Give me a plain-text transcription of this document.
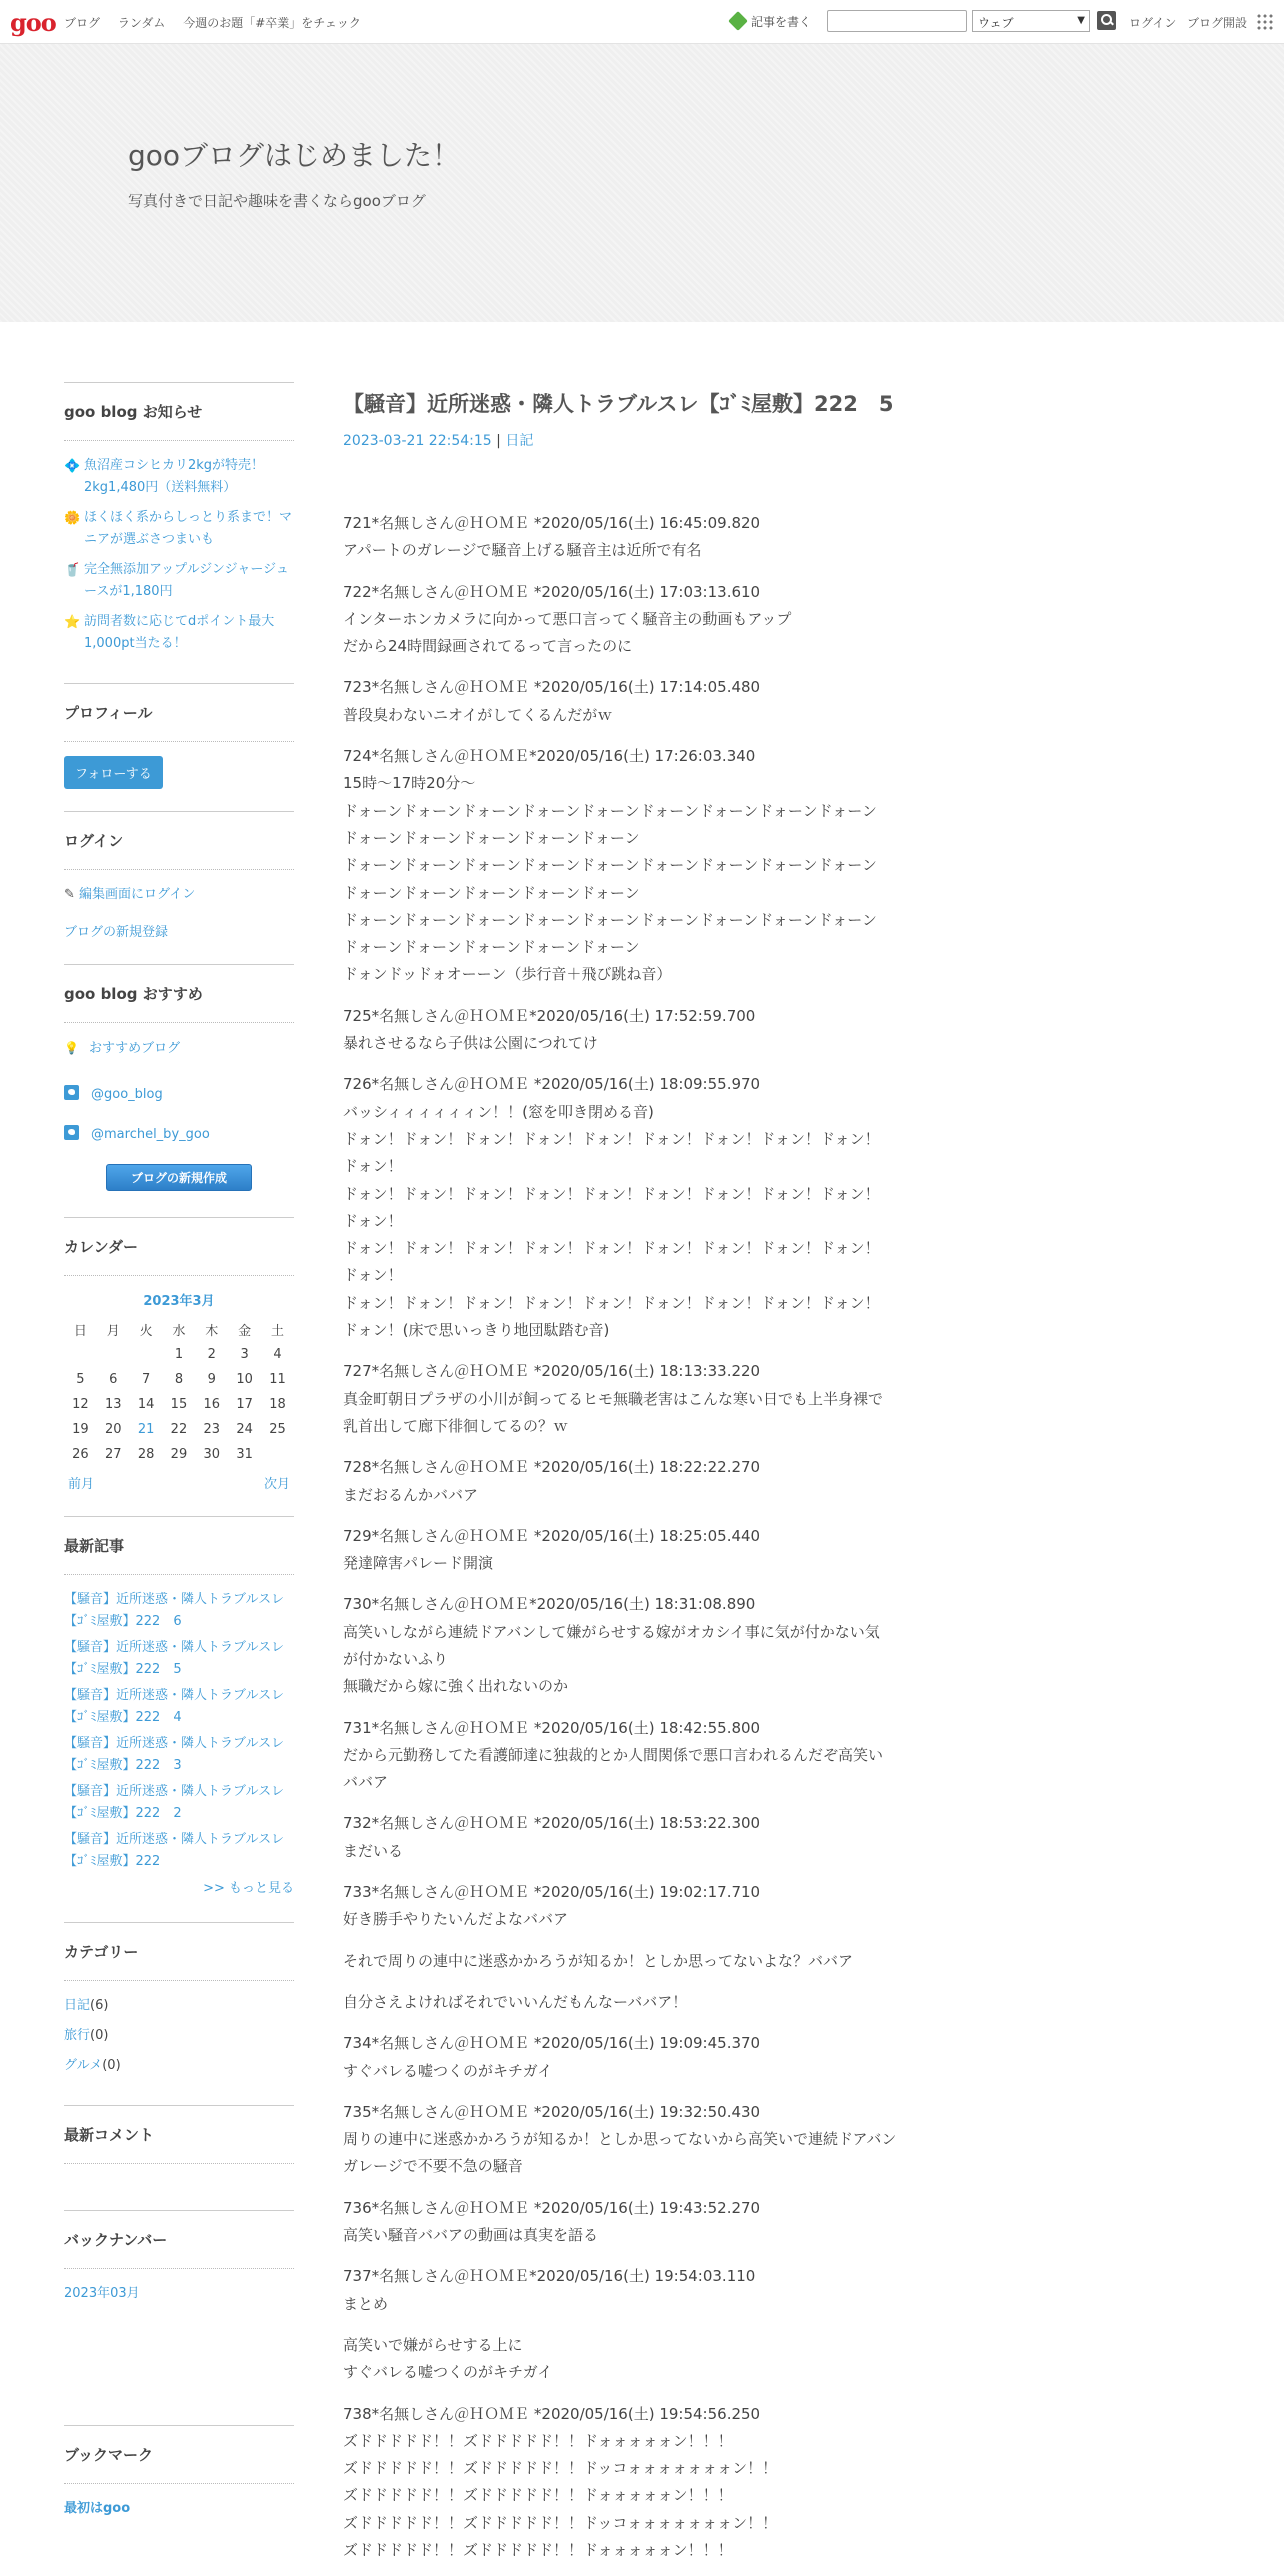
goo ブログ ランダム 今週のお題「#卒業」をチェック	記事を書く	ウェブ	▼	ログイン ブログ開設
gooブログはじめました！
写真付きで日記や趣味を書くならgooブログ
goo blog お知らせ
💠 魚沼産コシヒカリ2kgが特売！2kg1,480円（送料無料）
🌼 ほくほく系からしっとり系まで！マニアが選ぶさつまいも
🥤 完全無添加アップルジンジャージュースが1,180円
⭐ 訪問者数に応じてdポイント最大1,000pt当たる！
プロフィール
フォローする
ログイン
✎ 編集画面にログイン
ブログの新規登録
goo blog おすすめ
💡 おすすめブログ
@goo_blog
@marchel_by_goo
ブログの新規作成
カレンダー
2023年3月
日	月	火	水	木	金	土
			1	2	3	4
5	6	7	8	9	10	11
12	13	14	15	16	17	18
19	20	21	22	23	24	25
26	27	28	29	30	31	
前月	次月
最新記事
【騒音】近所迷惑・隣人トラブルスレ【ｺﾞﾐ屋敷】222　6
【騒音】近所迷惑・隣人トラブルスレ【ｺﾞﾐ屋敷】222　5
【騒音】近所迷惑・隣人トラブルスレ【ｺﾞﾐ屋敷】222　4
【騒音】近所迷惑・隣人トラブルスレ【ｺﾞﾐ屋敷】222　3
【騒音】近所迷惑・隣人トラブルスレ【ｺﾞﾐ屋敷】222　2
【騒音】近所迷惑・隣人トラブルスレ【ｺﾞﾐ屋敷】222
>> もっと見る
カテゴリー
日記(6)
旅行(0)
グルメ(0)
最新コメント
バックナンバー
2023年03月
ブックマーク
最初はgoo
【騒音】近所迷惑・隣人トラブルスレ【ｺﾞﾐ屋敷】222　5
2023-03-21 22:54:15 | 日記

721*名無しさん＠ＨＯＭＥ *2020/05/16(土) 16:45:09.820
アパートのガレージで騒音上げる騒音主は近所で有名

722*名無しさん＠ＨＯＭＥ *2020/05/16(土) 17:03:13.610
インターホンカメラに向かって悪口言ってく騒音主の動画もアップ
だから24時間録画されてるって言ったのに

723*名無しさん＠ＨＯＭＥ *2020/05/16(土) 17:14:05.480
普段臭わないニオイがしてくるんだがｗ

724*名無しさん＠ＨＯＭＥ*2020/05/16(土) 17:26:03.340
15時～17時20分～
ドォーンドォーンドォーンドォーンドォーンドォーンドォーンドォーンドォーン
ドォーンドォーンドォーンドォーンドォーン
ドォーンドォーンドォーンドォーンドォーンドォーンドォーンドォーンドォーン
ドォーンドォーンドォーンドォーンドォーン
ドォーンドォーンドォーンドォーンドォーンドォーンドォーンドォーンドォーン
ドォーンドォーンドォーンドォーンドォーン
ドォンドッドォオーーン（歩行音＋飛び跳ね音）

725*名無しさん＠ＨＯＭＥ*2020/05/16(土) 17:52:59.700
暴れさせるなら子供は公園につれてけ

726*名無しさん＠ＨＯＭＥ *2020/05/16(土) 18:09:55.970
バッシィィィィィィン！！(窓を叩き閉める音)
ドォン！ドォン！ドォン！ドォン！ドォン！ドォン！ドォン！ドォン！ドォン！
ドォン！
ドォン！ドォン！ドォン！ドォン！ドォン！ドォン！ドォン！ドォン！ドォン！
ドォン！
ドォン！ドォン！ドォン！ドォン！ドォン！ドォン！ドォン！ドォン！ドォン！
ドォン！
ドォン！ドォン！ドォン！ドォン！ドォン！ドォン！ドォン！ドォン！ドォン！
ドォン！(床で思いっきり地団駄踏む音)

727*名無しさん＠ＨＯＭＥ *2020/05/16(土) 18:13:33.220
真金町朝日プラザの小川が飼ってるヒモ無職老害はこんな寒い日でも上半身裸で
乳首出して廊下徘徊してるの？ｗ

728*名無しさん＠ＨＯＭＥ *2020/05/16(土) 18:22:22.270
まだおるんかババア

729*名無しさん＠ＨＯＭＥ *2020/05/16(土) 18:25:05.440
発達障害パレード開演

730*名無しさん＠ＨＯＭＥ*2020/05/16(土) 18:31:08.890
高笑いしながら連続ドアバンして嫌がらせする嫁がオカシイ事に気が付かない気
が付かないふり
無職だから嫁に強く出れないのか

731*名無しさん＠ＨＯＭＥ *2020/05/16(土) 18:42:55.800
だから元勤務してた看護師達に独裁的とか人間関係で悪口言われるんだぞ高笑い
ババア

732*名無しさん＠ＨＯＭＥ *2020/05/16(土) 18:53:22.300
まだいる

733*名無しさん＠ＨＯＭＥ *2020/05/16(土) 19:02:17.710
好き勝手やりたいんだよなババア

それで周りの連中に迷惑かかろうが知るか！としか思ってないよな？ババア

自分さえよければそれでいいんだもんなーババア！

734*名無しさん＠ＨＯＭＥ *2020/05/16(土) 19:09:45.370
すぐバレる嘘つくのがキチガイ

735*名無しさん＠ＨＯＭＥ *2020/05/16(土) 19:32:50.430
周りの連中に迷惑かかろうが知るか！としか思ってないから高笑いで連続ドアバン
ガレージで不要不急の騒音

736*名無しさん＠ＨＯＭＥ *2020/05/16(土) 19:43:52.270
高笑い騒音ババアの動画は真実を語る

737*名無しさん＠ＨＯＭＥ*2020/05/16(土) 19:54:03.110
まとめ

高笑いで嫌がらせする上に
すぐバレる嘘つくのがキチガイ

738*名無しさん＠ＨＯＭＥ *2020/05/16(土) 19:54:56.250
ズドドドドド！！ズドドドドド！！ドォォォォォン！！！
ズドドドドド！！ズドドドドド！！ドッコォォォォォォォン！！
ズドドドドド！！ズドドドドド！！ドォォォォォン！！！
ズドドドドド！！ズドドドドド！！ドッコォォォォォォォン！！
ズドドドドド！！ズドドドドド！！ドォォォォォン！！！
